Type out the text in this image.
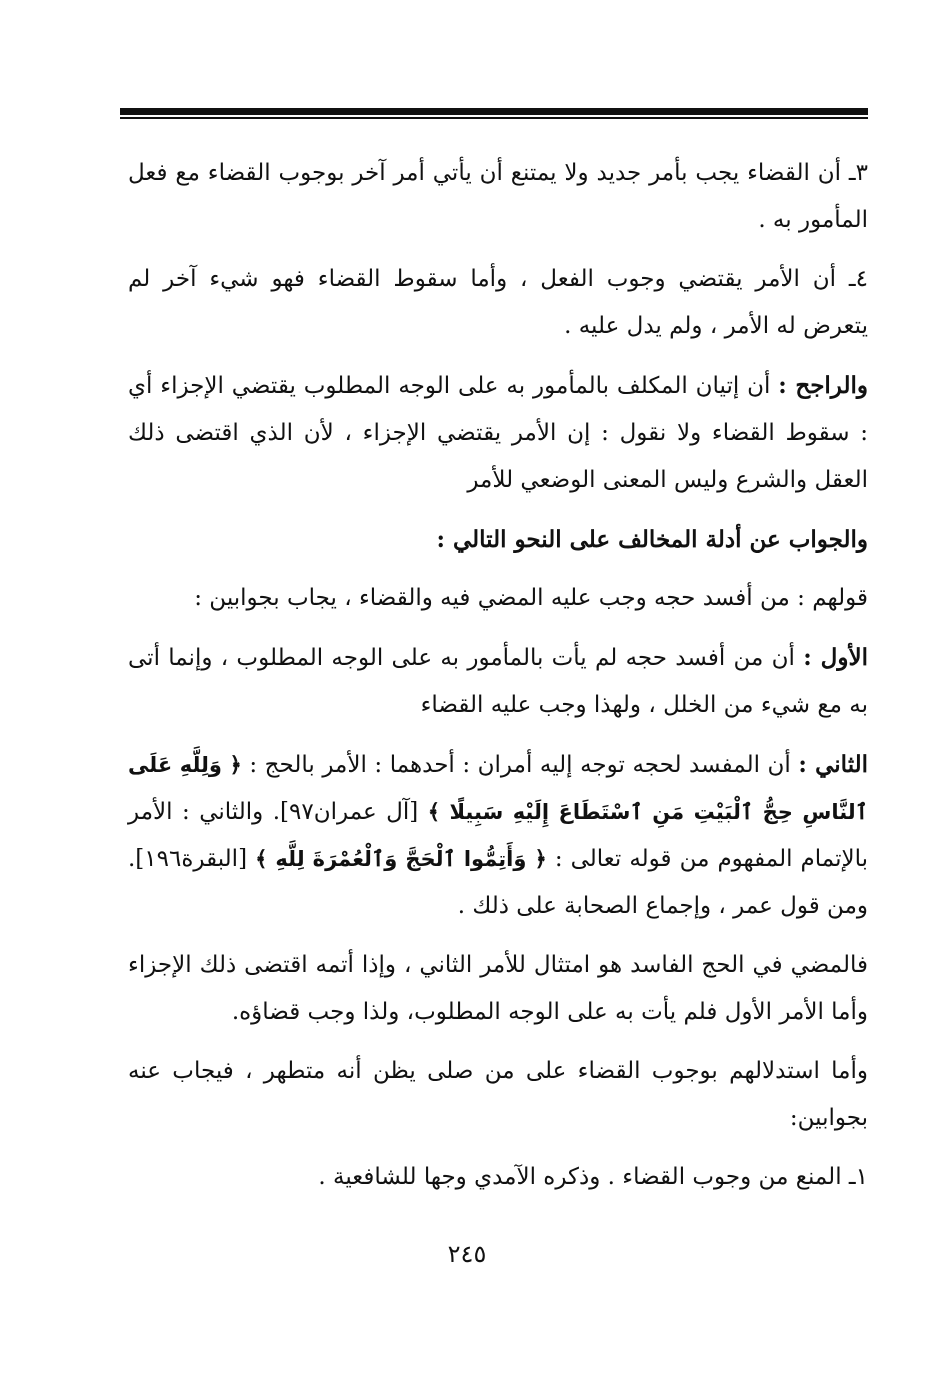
٣ـ أن القضاء يجب بأمر جديد ولا يمتنع أن يأتي أمر آخر بوجوب القضاء مع فعل المأمور به .

٤ـ أن الأمر يقتضي وجوب الفعل ، وأما سقوط القضاء فهو شيء آخر لم يتعرض له الأمر ، ولم يدل عليه .

والراجح : أن إتيان المكلف بالمأمور به على الوجه المطلوب يقتضي الإجزاء أي : سقوط القضاء ولا نقول : إن الأمر يقتضي الإجزاء ، لأن الذي اقتضى ذلك العقل والشرع وليس المعنى الوضعي للأمر

والجواب عن أدلة المخالف على النحو التالي :

قولهم : من أفسد حجه وجب عليه المضي فيه والقضاء ، يجاب بجوابين :

الأول : أن من أفسد حجه لم يأت بالمأمور به على الوجه المطلوب ، وإنما أتى به مع شيء من الخلل ، ولهذا وجب عليه القضاء

الثاني : أن المفسد لحجه توجه إليه أمران : أحدهما : الأمر بالحج : ﴿ وَلِلَّهِ عَلَى ٱلنَّاسِ حِجُّ ٱلْبَيْتِ مَنِ ٱسْتَطَاعَ إِلَيْهِ سَبِيلًا ﴾ [آل عمران٩٧]. والثاني : الأمر بالإتمام المفهوم من قوله تعالى : ﴿ وَأَتِمُّوا ٱلْحَجَّ وَٱلْعُمْرَةَ لِلَّهِ ﴾ [البقرة١٩٦]. ومن قول عمر ، وإجماع الصحابة على ذلك .

فالمضي في الحج الفاسد هو امتثال للأمر الثاني ، وإذا أتمه اقتضى ذلك الإجزاء وأما الأمر الأول فلم يأت به على الوجه المطلوب، ولذا وجب قضاؤه.

وأما استدلالهم بوجوب القضاء على من صلى يظن أنه متطهر ، فيجاب عنه بجوابين:

١ـ المنع من وجوب القضاء . وذكره الآمدي وجها للشافعية .

٢٤٥
